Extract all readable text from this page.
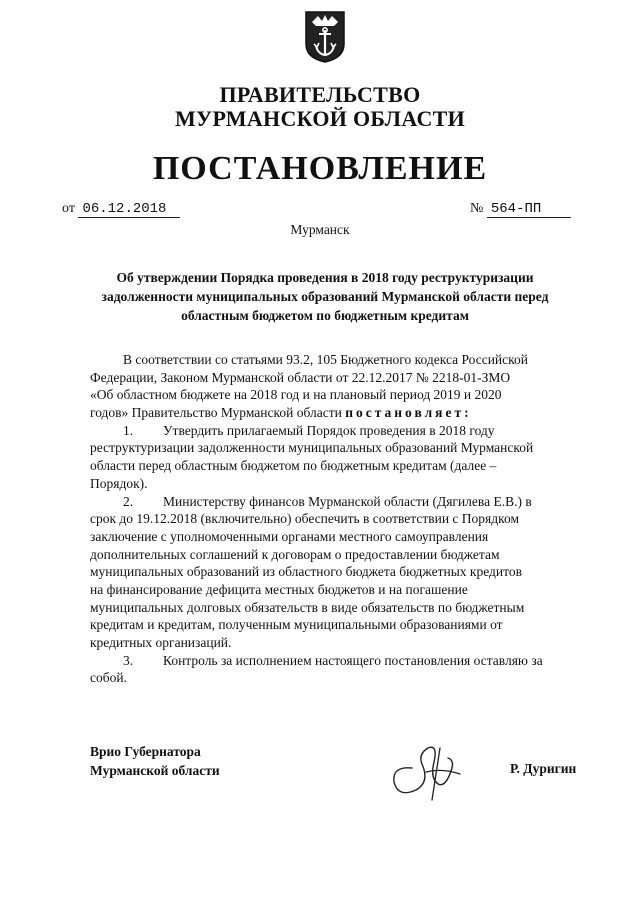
ПРАВИТЕЛЬСТВО
МУРМАНСКОЙ ОБЛАСТИ
ПОСТАНОВЛЕНИЕ
от 06.12.2018	№ 564-ПП
Мурманск
Об утверждении Порядка проведения в 2018 году реструктуризации
задолженности муниципальных образований Мурманской области перед
областным бюджетом по бюджетным кредитам
В соответствии со статьями 93.2, 105 Бюджетного кодекса Российской
Федерации, Законом Мурманской области от 22.12.2017 № 2218-01-ЗМО
«Об областном бюджете на 2018 год и на плановый период 2019 и 2020
годов» Правительство Мурманской области постановляет:
1. Утвердить прилагаемый Порядок проведения в 2018 году
реструктуризации задолженности муниципальных образований Мурманской
области перед областным бюджетом по бюджетным кредитам (далее –
Порядок).
2. Министерству финансов Мурманской области (Дягилева Е.В.) в
срок до 19.12.2018 (включительно) обеспечить в соответствии с Порядком
заключение с уполномоченными органами местного самоуправления
дополнительных соглашений к договорам о предоставлении бюджетам
муниципальных образований из областного бюджета бюджетных кредитов
на финансирование дефицита местных бюджетов и на погашение
муниципальных долговых обязательств в виде обязательств по бюджетным
кредитам и кредитам, полученным муниципальными образованиями от
кредитных организаций.
3. Контроль за исполнением настоящего постановления оставляю за
собой.
Врио Губернатора
Мурманской области	Р. Дуригин
